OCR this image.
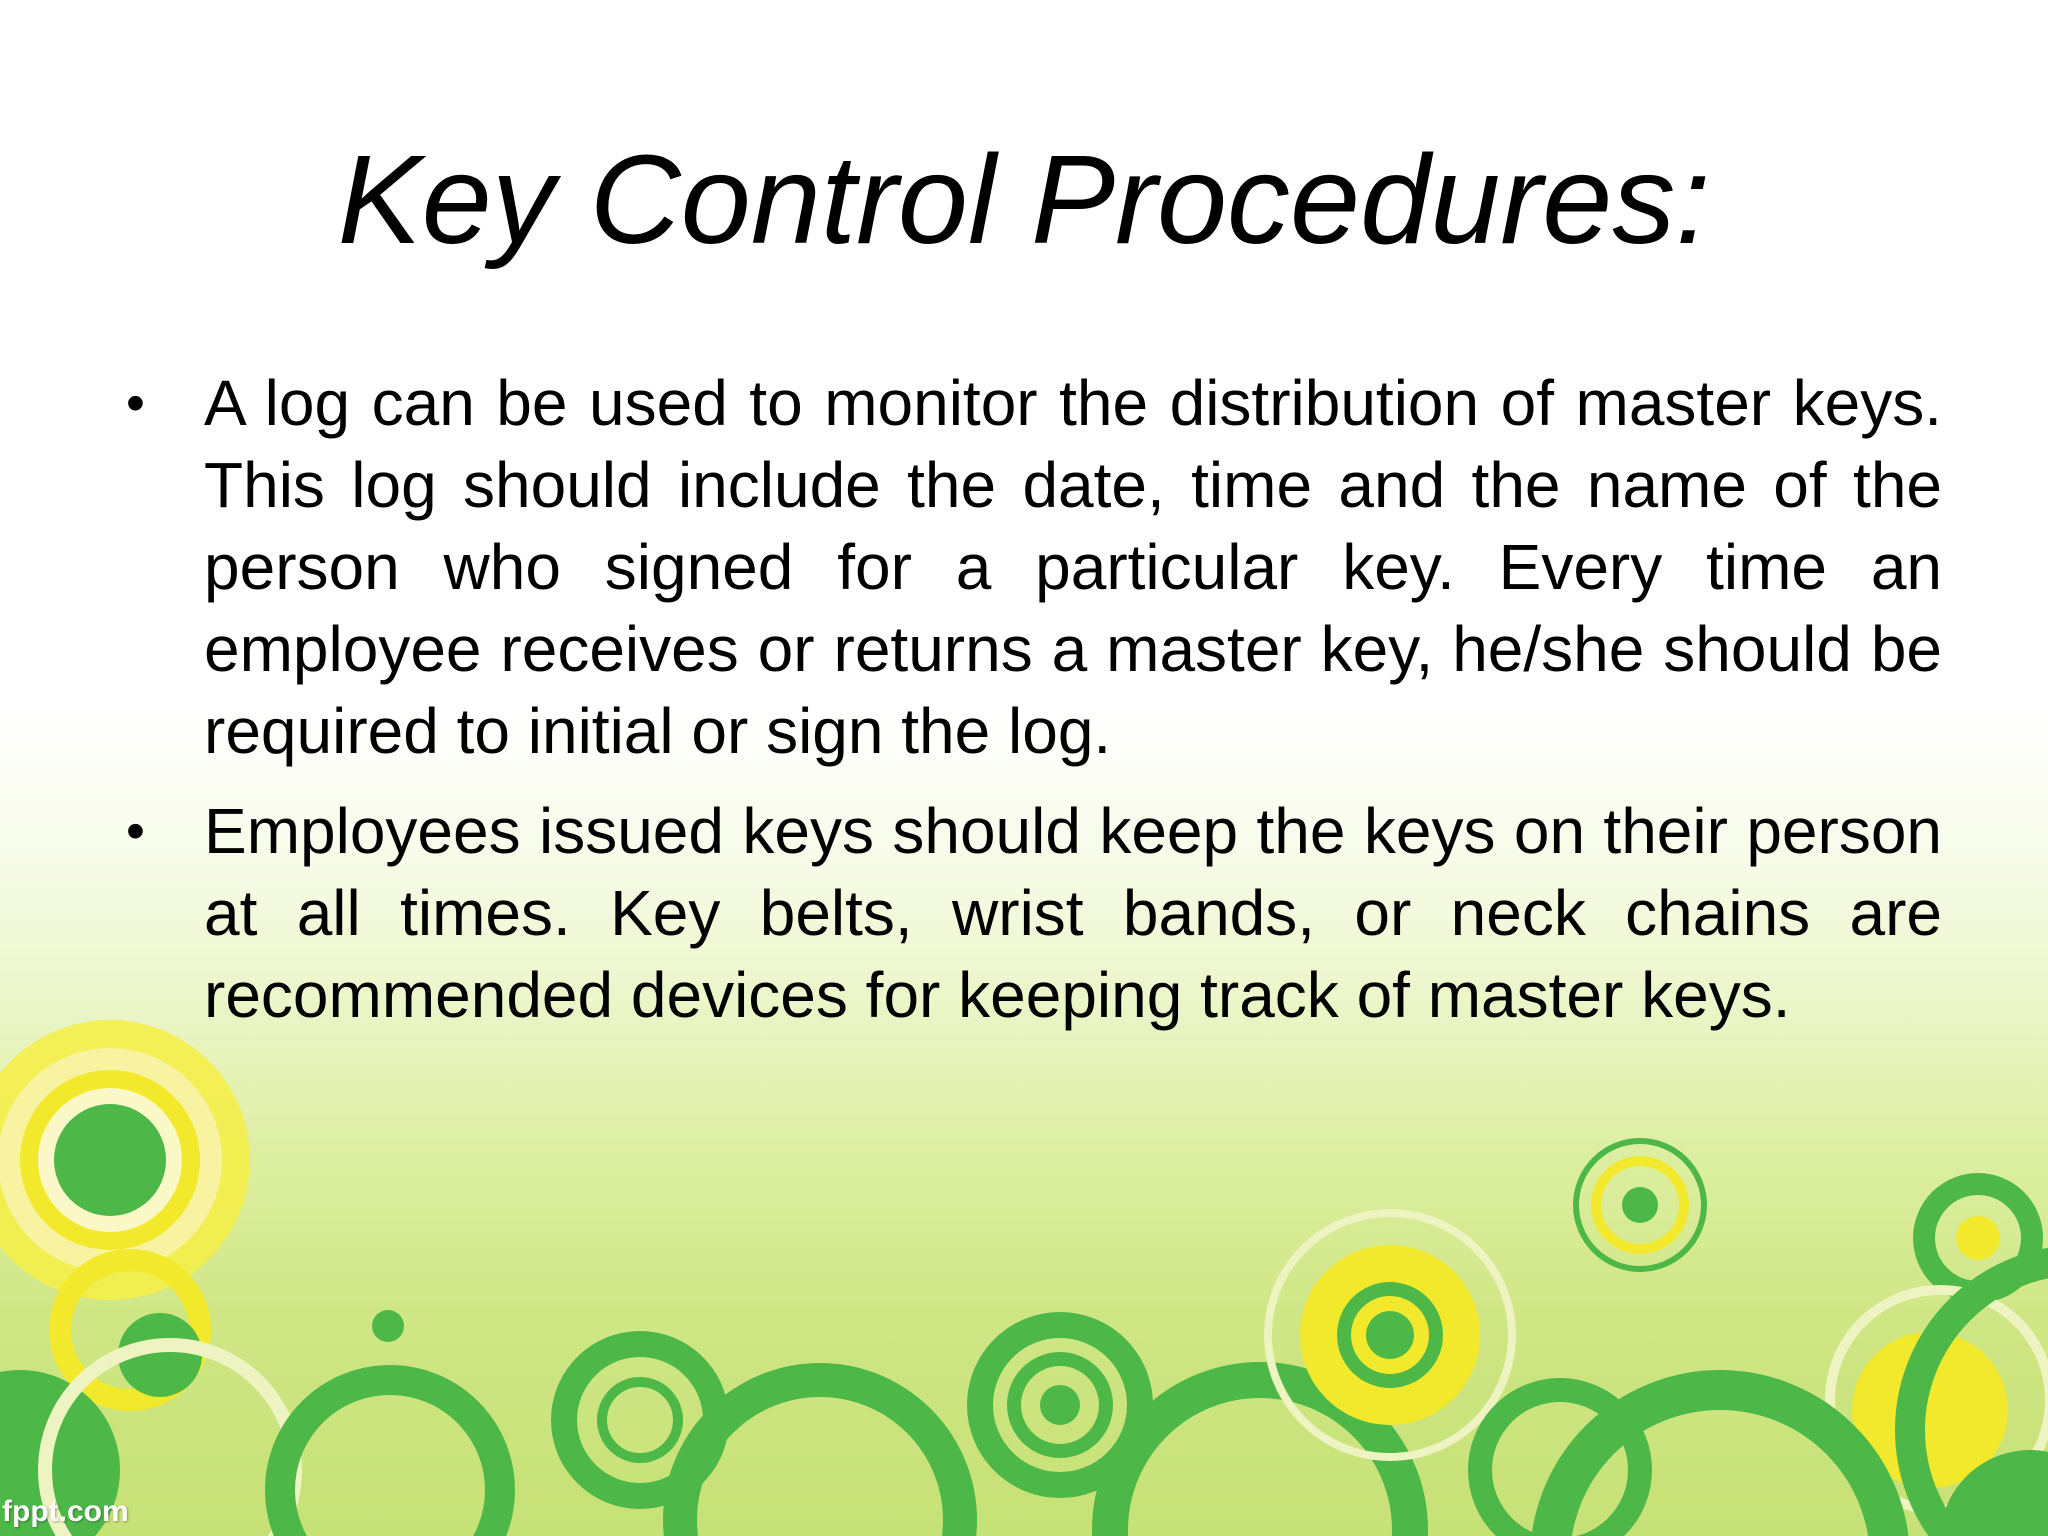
Key Control Procedures:
• A log can be used to monitor the distribution of master keys. This log should include the date, time and the name of the person who signed for a particular key. Every time an employee receives or returns a master key, he/she should be required to initial or sign the log.
• Employees issued keys should keep the keys on their person at all times. Key belts, wrist bands, or neck chains are recommended devices for keeping track of master keys.
fppt.com
